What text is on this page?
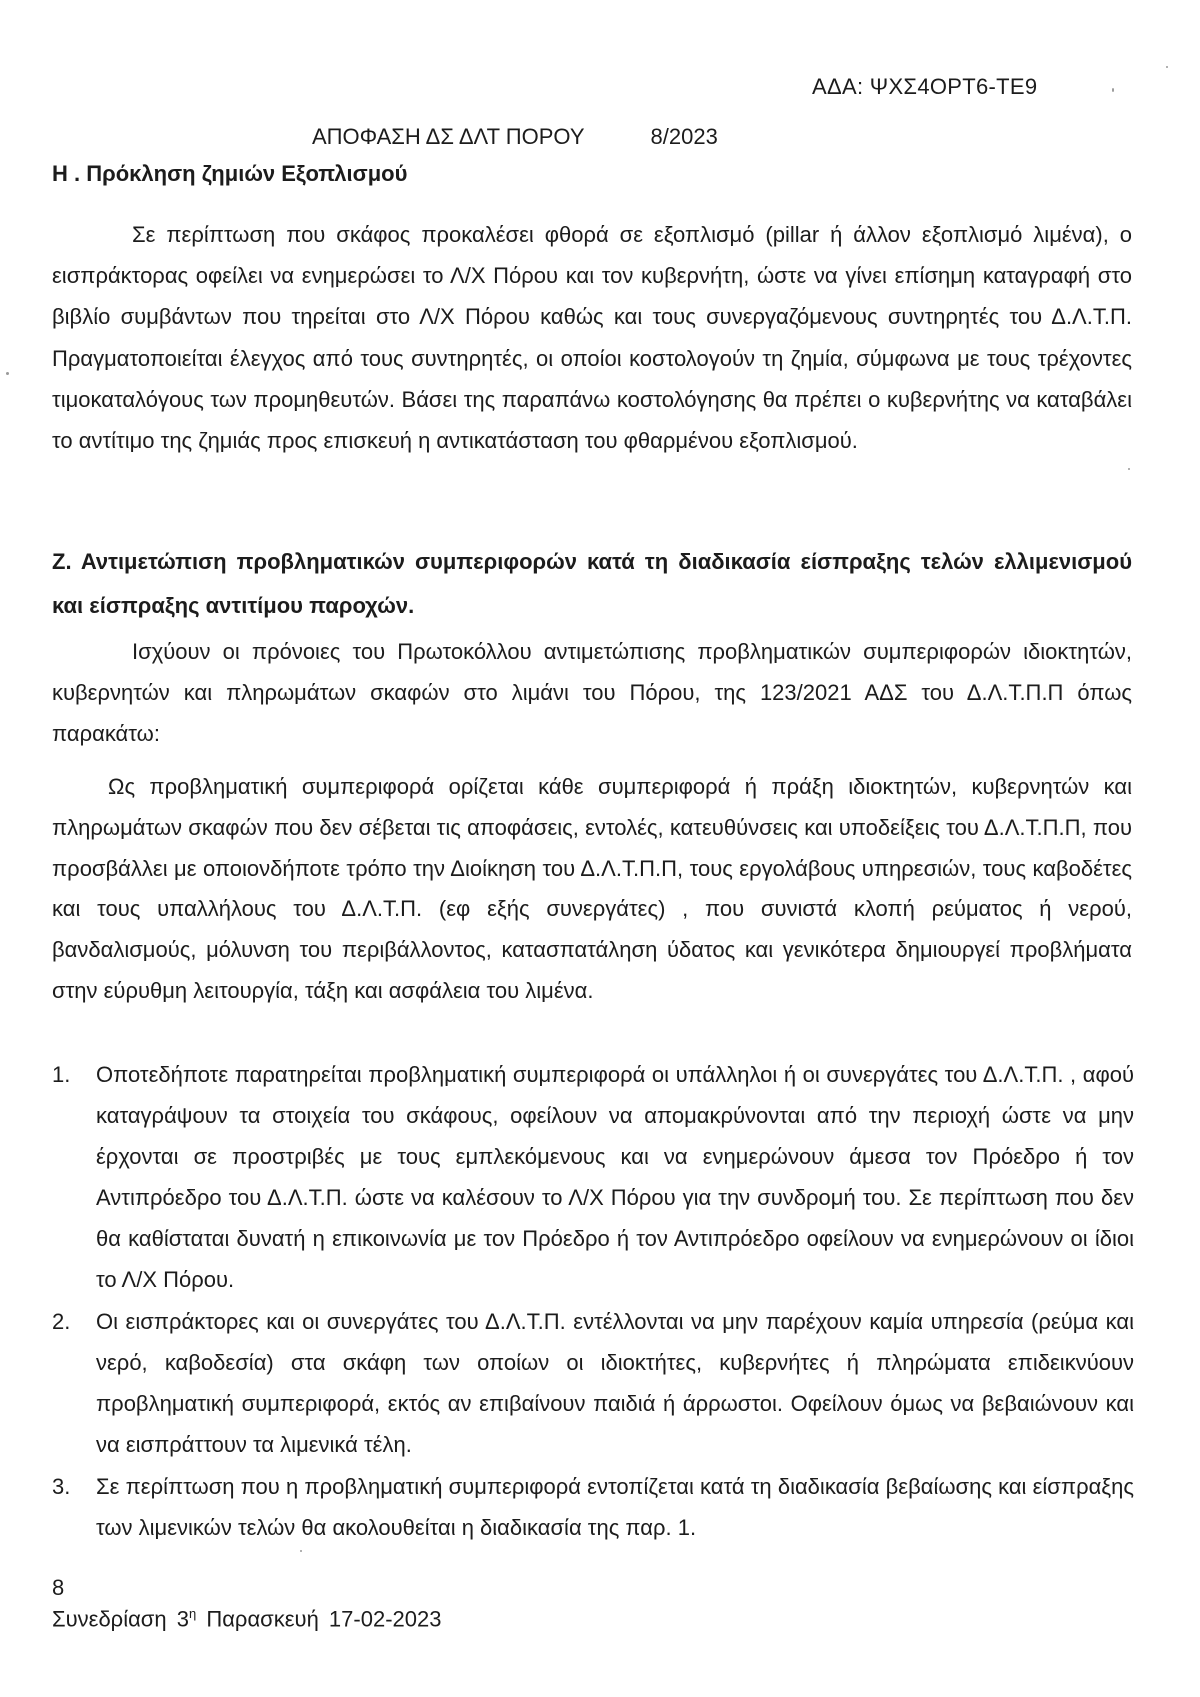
ΑΔΑ: ΨΧΣ4ΟΡΤ6-ΤΕ9
ΑΠΟΦΑΣΗ ΔΣ ΔΛΤ ΠΟΡΟΥ	8/2023
Η . Πρόκληση ζημιών Εξοπλισμού

Σε περίπτωση που σκάφος προκαλέσει φθορά σε εξοπλισμό (pillar ή άλλον εξοπλισμό λιμένα), ο εισπράκτορας οφείλει να ενημερώσει το Λ/Χ Πόρου και τον κυβερνήτη, ώστε να γίνει επίσημη καταγραφή στο βιβλίο συμβάντων που τηρείται στο Λ/Χ Πόρου καθώς και τους συνεργαζόμενους συντηρητές του Δ.Λ.Τ.Π. Πραγματοποιείται έλεγχος από τους συντηρητές, οι οποίοι κοστολογούν τη ζημία, σύμφωνα με τους τρέχοντες τιμοκαταλόγους των προμηθευτών. Βάσει της παραπάνω κοστολόγησης θα πρέπει ο κυβερνήτης να καταβάλει το αντίτιμο της ζημιάς προς επισκευή η αντικατάσταση του φθαρμένου εξοπλισμού.

Ζ. Αντιμετώπιση προβληματικών συμπεριφορών κατά τη διαδικασία είσπραξης τελών ελλιμενισμού και είσπραξης αντιτίμου παροχών.

Ισχύουν οι πρόνοιες του Πρωτοκόλλου αντιμετώπισης προβληματικών συμπεριφορών ιδιοκτητών, κυβερνητών και πληρωμάτων σκαφών στο λιμάνι του Πόρου, της 123/2021 ΑΔΣ του Δ.Λ.Τ.Π.Π όπως παρακάτω:

Ως προβληματική συμπεριφορά ορίζεται κάθε συμπεριφορά ή πράξη ιδιοκτητών, κυβερνητών και πληρωμάτων σκαφών που δεν σέβεται τις αποφάσεις, εντολές, κατευθύνσεις και υποδείξεις του Δ.Λ.Τ.Π.Π, που προσβάλλει με οποιονδήποτε τρόπο την Διοίκηση του Δ.Λ.Τ.Π.Π, τους εργολάβους υπηρεσιών, τους καβοδέτες και τους υπαλλήλους του Δ.Λ.Τ.Π. (εφ εξής συνεργάτες) , που συνιστά κλοπή ρεύματος ή νερού, βανδαλισμούς, μόλυνση του περιβάλλοντος, κατασπατάληση ύδατος και γενικότερα δημιουργεί προβλήματα στην εύρυθμη λειτουργία, τάξη και ασφάλεια του λιμένα.

1. Οποτεδήποτε παρατηρείται προβληματική συμπεριφορά οι υπάλληλοι ή οι συνεργάτες του Δ.Λ.Τ.Π. , αφού καταγράψουν τα στοιχεία του σκάφους, οφείλουν να απομακρύνονται από την περιοχή ώστε να μην έρχονται σε προστριβές με τους εμπλεκόμενους και να ενημερώνουν άμεσα τον Πρόεδρο ή τον Αντιπρόεδρο του Δ.Λ.Τ.Π. ώστε να καλέσουν το Λ/Χ Πόρου για την συνδρομή του. Σε περίπτωση που δεν θα καθίσταται δυνατή η επικοινωνία με τον Πρόεδρο ή τον Αντιπρόεδρο οφείλουν να ενημερώνουν οι ίδιοι το Λ/Χ Πόρου.
2. Οι εισπράκτορες και οι συνεργάτες του Δ.Λ.Τ.Π. εντέλλονται να μην παρέχουν καμία υπηρεσία (ρεύμα και νερό, καβοδεσία) στα σκάφη των οποίων οι ιδιοκτήτες, κυβερνήτες ή πληρώματα επιδεικνύουν προβληματική συμπεριφορά, εκτός αν επιβαίνουν παιδιά ή άρρωστοι. Οφείλουν όμως να βεβαιώνουν και να εισπράττουν τα λιμενικά τέλη.
3. Σε περίπτωση που η προβληματική συμπεριφορά εντοπίζεται κατά τη διαδικασία βεβαίωσης και είσπραξης των λιμενικών τελών θα ακολουθείται η διαδικασία της παρ. 1.
8
Συνεδρίαση $3^\eta$ Παρασκευή 17-02-2023
